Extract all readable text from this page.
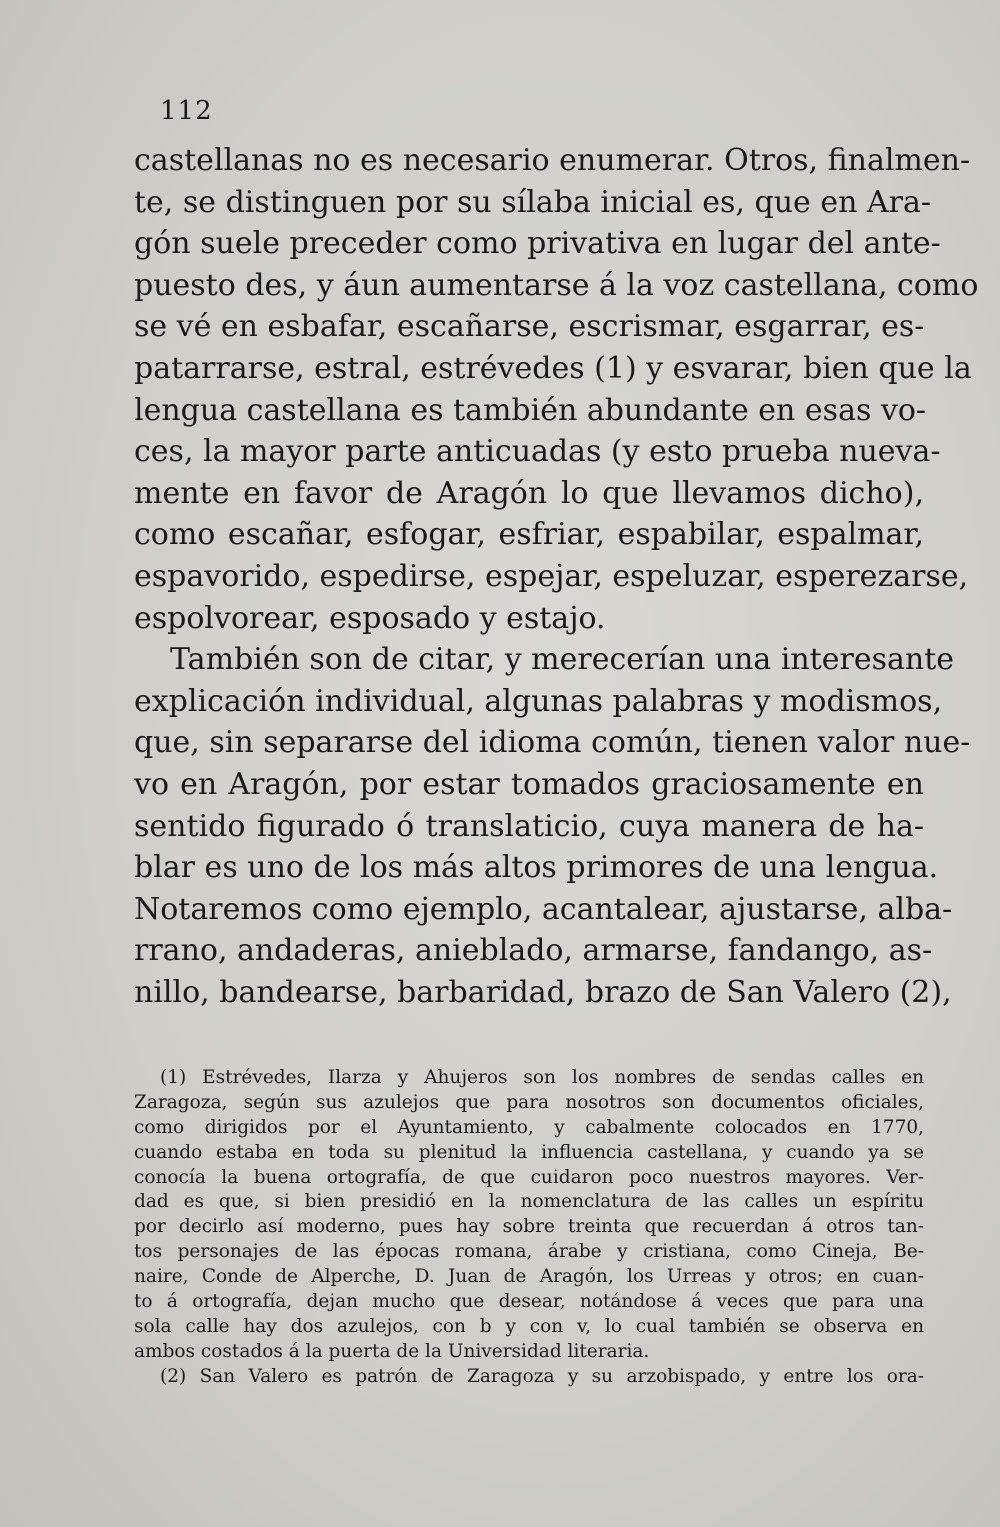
112
castellanas no es necesario enumerar. Otros, finalmen-
te, se distinguen por su sílaba inicial es, que en Ara-
gón suele preceder como privativa en lugar del ante-
puesto des, y áun aumentarse á la voz castellana, como
se vé en esbafar, escañarse, escrismar, esgarrar, es-
patarrarse, estral, estrévedes (1) y esvarar, bien que la
lengua castellana es también abundante en esas vo-
ces, la mayor parte anticuadas (y esto prueba nueva-
mente en favor de Aragón lo que llevamos dicho),
como escañar, esfogar, esfriar, espabilar, espalmar,
espavorido, espedirse, espejar, espeluzar, esperezarse,
espolvorear, esposado y estajo.
También son de citar, y merecerían una interesante
explicación individual, algunas palabras y modismos,
que, sin separarse del idioma común, tienen valor nue-
vo en Aragón, por estar tomados graciosamente en
sentido figurado ó translaticio, cuya manera de ha-
blar es uno de los más altos primores de una lengua.
Notaremos como ejemplo, acantalear, ajustarse, alba-
rrano, andaderas, anieblado, armarse, fandango, as-
nillo, bandearse, barbaridad, brazo de San Valero (2),
(1) Estrévedes, Ilarza y Ahujeros son los nombres de sendas calles en
Zaragoza, según sus azulejos que para nosotros son documentos oficiales,
como dirigidos por el Ayuntamiento, y cabalmente colocados en 1770,
cuando estaba en toda su plenitud la influencia castellana, y cuando ya se
conocía la buena ortografía, de que cuidaron poco nuestros mayores. Ver-
dad es que, si bien presidió en la nomenclatura de las calles un espíritu
por decirlo así moderno, pues hay sobre treinta que recuerdan á otros tan-
tos personajes de las épocas romana, árabe y cristiana, como Cineja, Be-
naire, Conde de Alperche, D. Juan de Aragón, los Urreas y otros; en cuan-
to á ortografía, dejan mucho que desear, notándose á veces que para una
sola calle hay dos azulejos, con b y con v, lo cual también se observa en
ambos costados á la puerta de la Universidad literaria.
(2) San Valero es patrón de Zaragoza y su arzobispado, y entre los ora-
